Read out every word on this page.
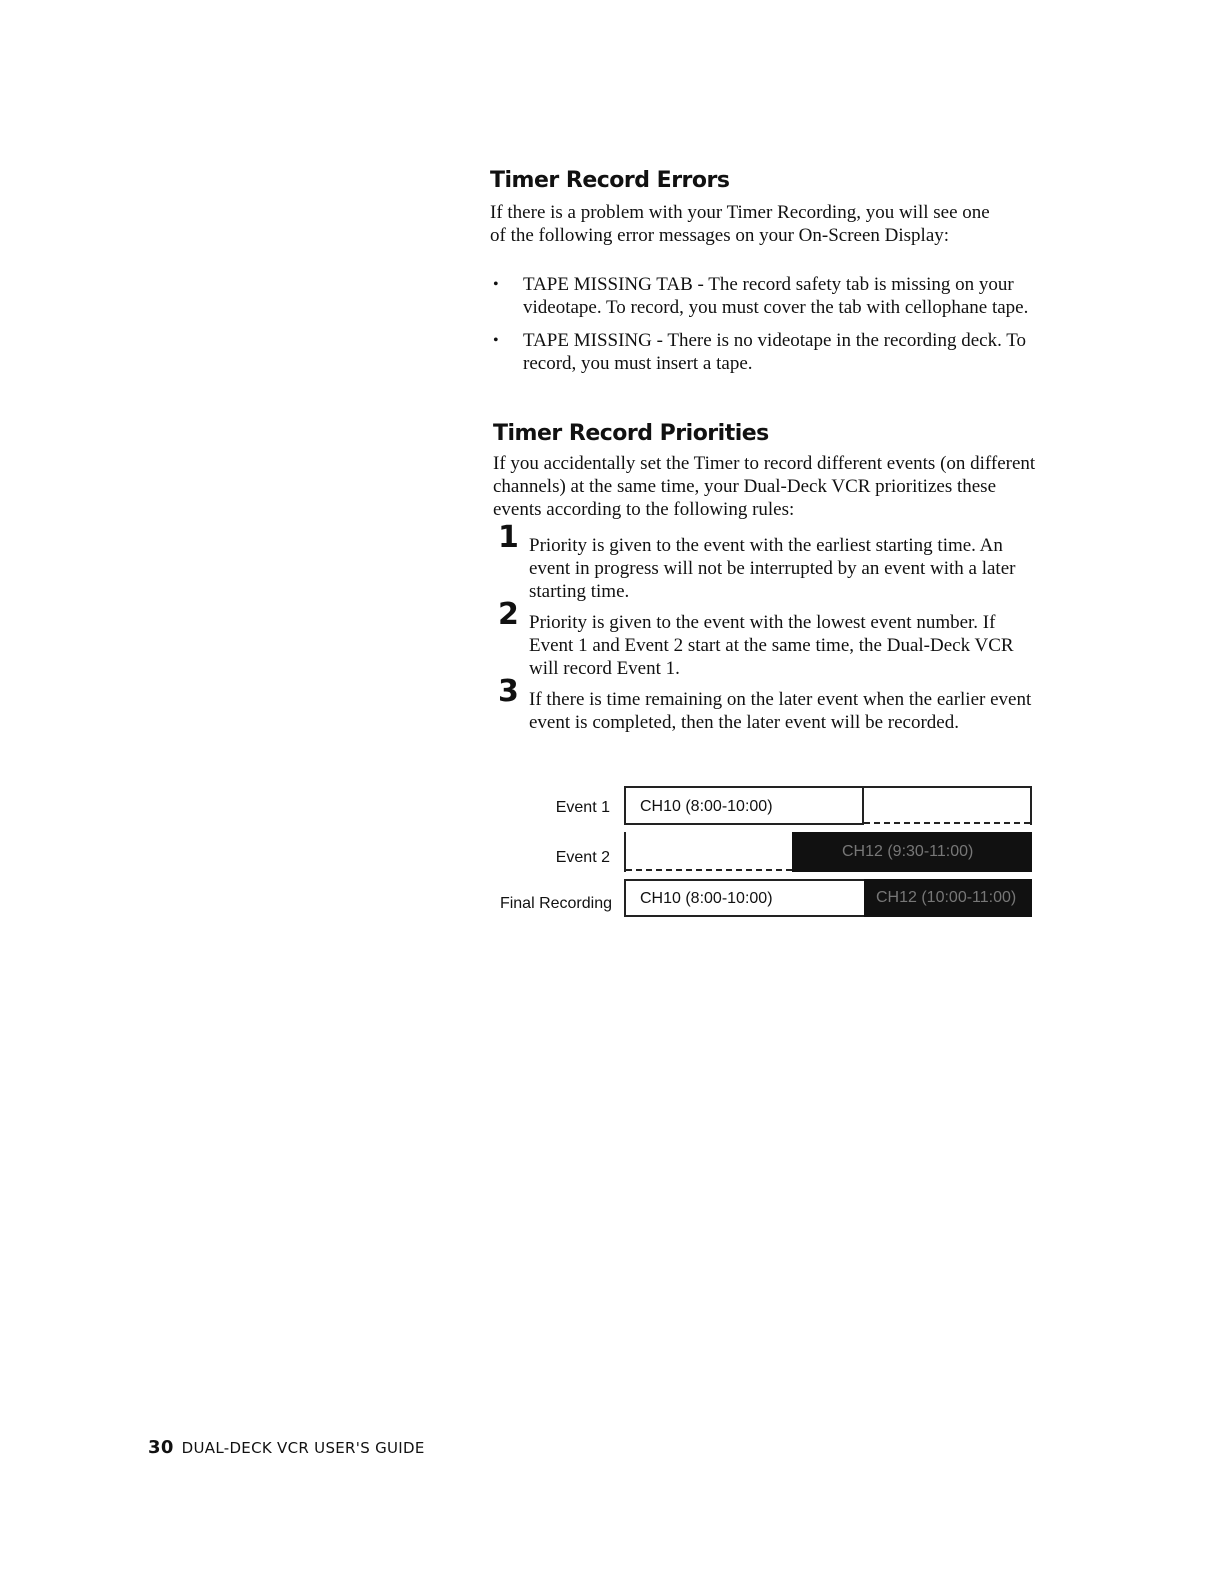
Timer Record Errors

If there is a problem with your Timer Recording, you will see one of the following error messages on your On-Screen Display:

• TAPE MISSING TAB - The record safety tab is missing on your videotape. To record, you must cover the tab with cellophane tape.
• TAPE MISSING - There is no videotape in the recording deck. To record, you must insert a tape.
Timer Record Priorities

If you accidentally set the Timer to record different events (on different channels) at the same time, your Dual-Deck VCR prioritizes these events according to the following rules:

1 Priority is given to the event with the earliest starting time. An event in progress will not be interrupted by an event with a later starting time.
2 Priority is given to the event with the lowest event number. If Event 1 and Event 2 start at the same time, the Dual-Deck VCR will record Event 1.
3 If there is time remaining on the later event when the earlier event event is completed, then the later event will be recorded.
Event 1 CH10 (8:00-10:00)
Event 2	CH12 (9:30-11:00)
Final Recording CH10 (8:00-10:00)	CH12 (10:00-11:00)
30 DUAL-DECK VCR USER'S GUIDE
